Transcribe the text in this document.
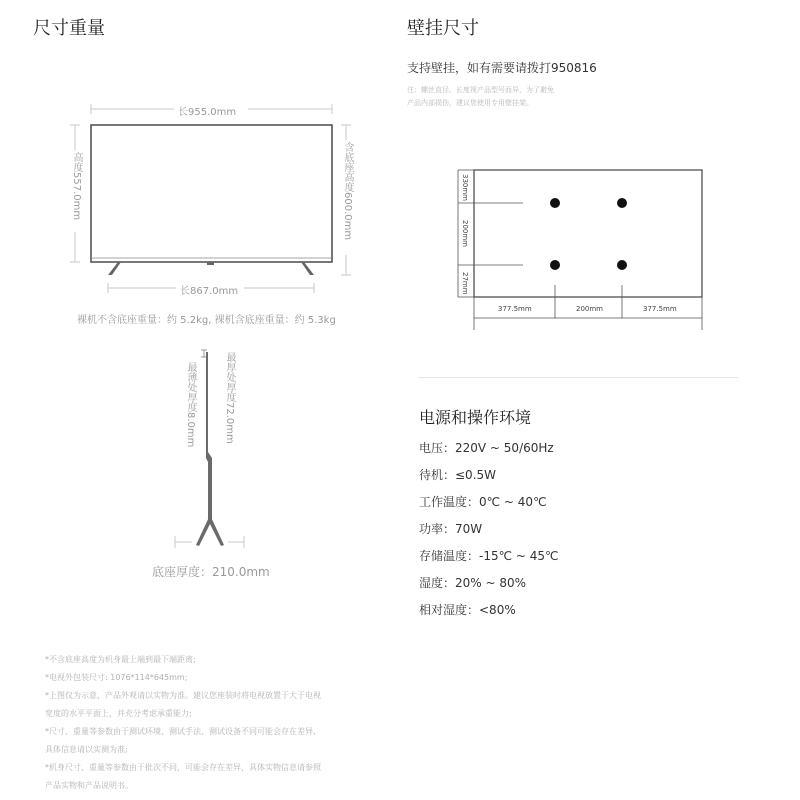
尺寸重量
长955.0mm
高度557.0mm	含底座高度600.0mm
长867.0mm
裸机不含底座重量：约 5.2kg, 裸机含底座重量：约 5.3kg
最厚处厚度72.0mm
最薄处厚度8.0mm
底座厚度：210.0mm
*不含底座高度为机身最上端到最下端距离;
*电视外包装尺寸: 1076*114*645mm;
*上图仅为示意，产品外观请以实物为准。建议您座装时将电视放置于大于电视
宽度的水平平面上，并充分考虑承重能力;
*尺寸、重量等参数由于测试环境、测试手法、测试设备不同可能会存在差异,
具体信息请以实测为准;
*机身尺寸、重量等参数由于批次不同，可能会存在差异，具体实物信息请参照
产品实物和产品说明书。
壁挂尺寸
支持壁挂，如有需要请拨打950816
注：螺丝直径、长度视产品型号而异，为了避免
产品内部损伤，建议您使用专用壁挂架。
330mm
200mm
27mm
377.5mm	200mm	377.5mm
电源和操作环境
电压：220V ~ 50/60Hz
待机：≤0.5W
工作温度：0℃ ~ 40℃
功率：70W
存储温度：-15℃ ~ 45℃
湿度：20% ~ 80%
相对湿度：<80%
